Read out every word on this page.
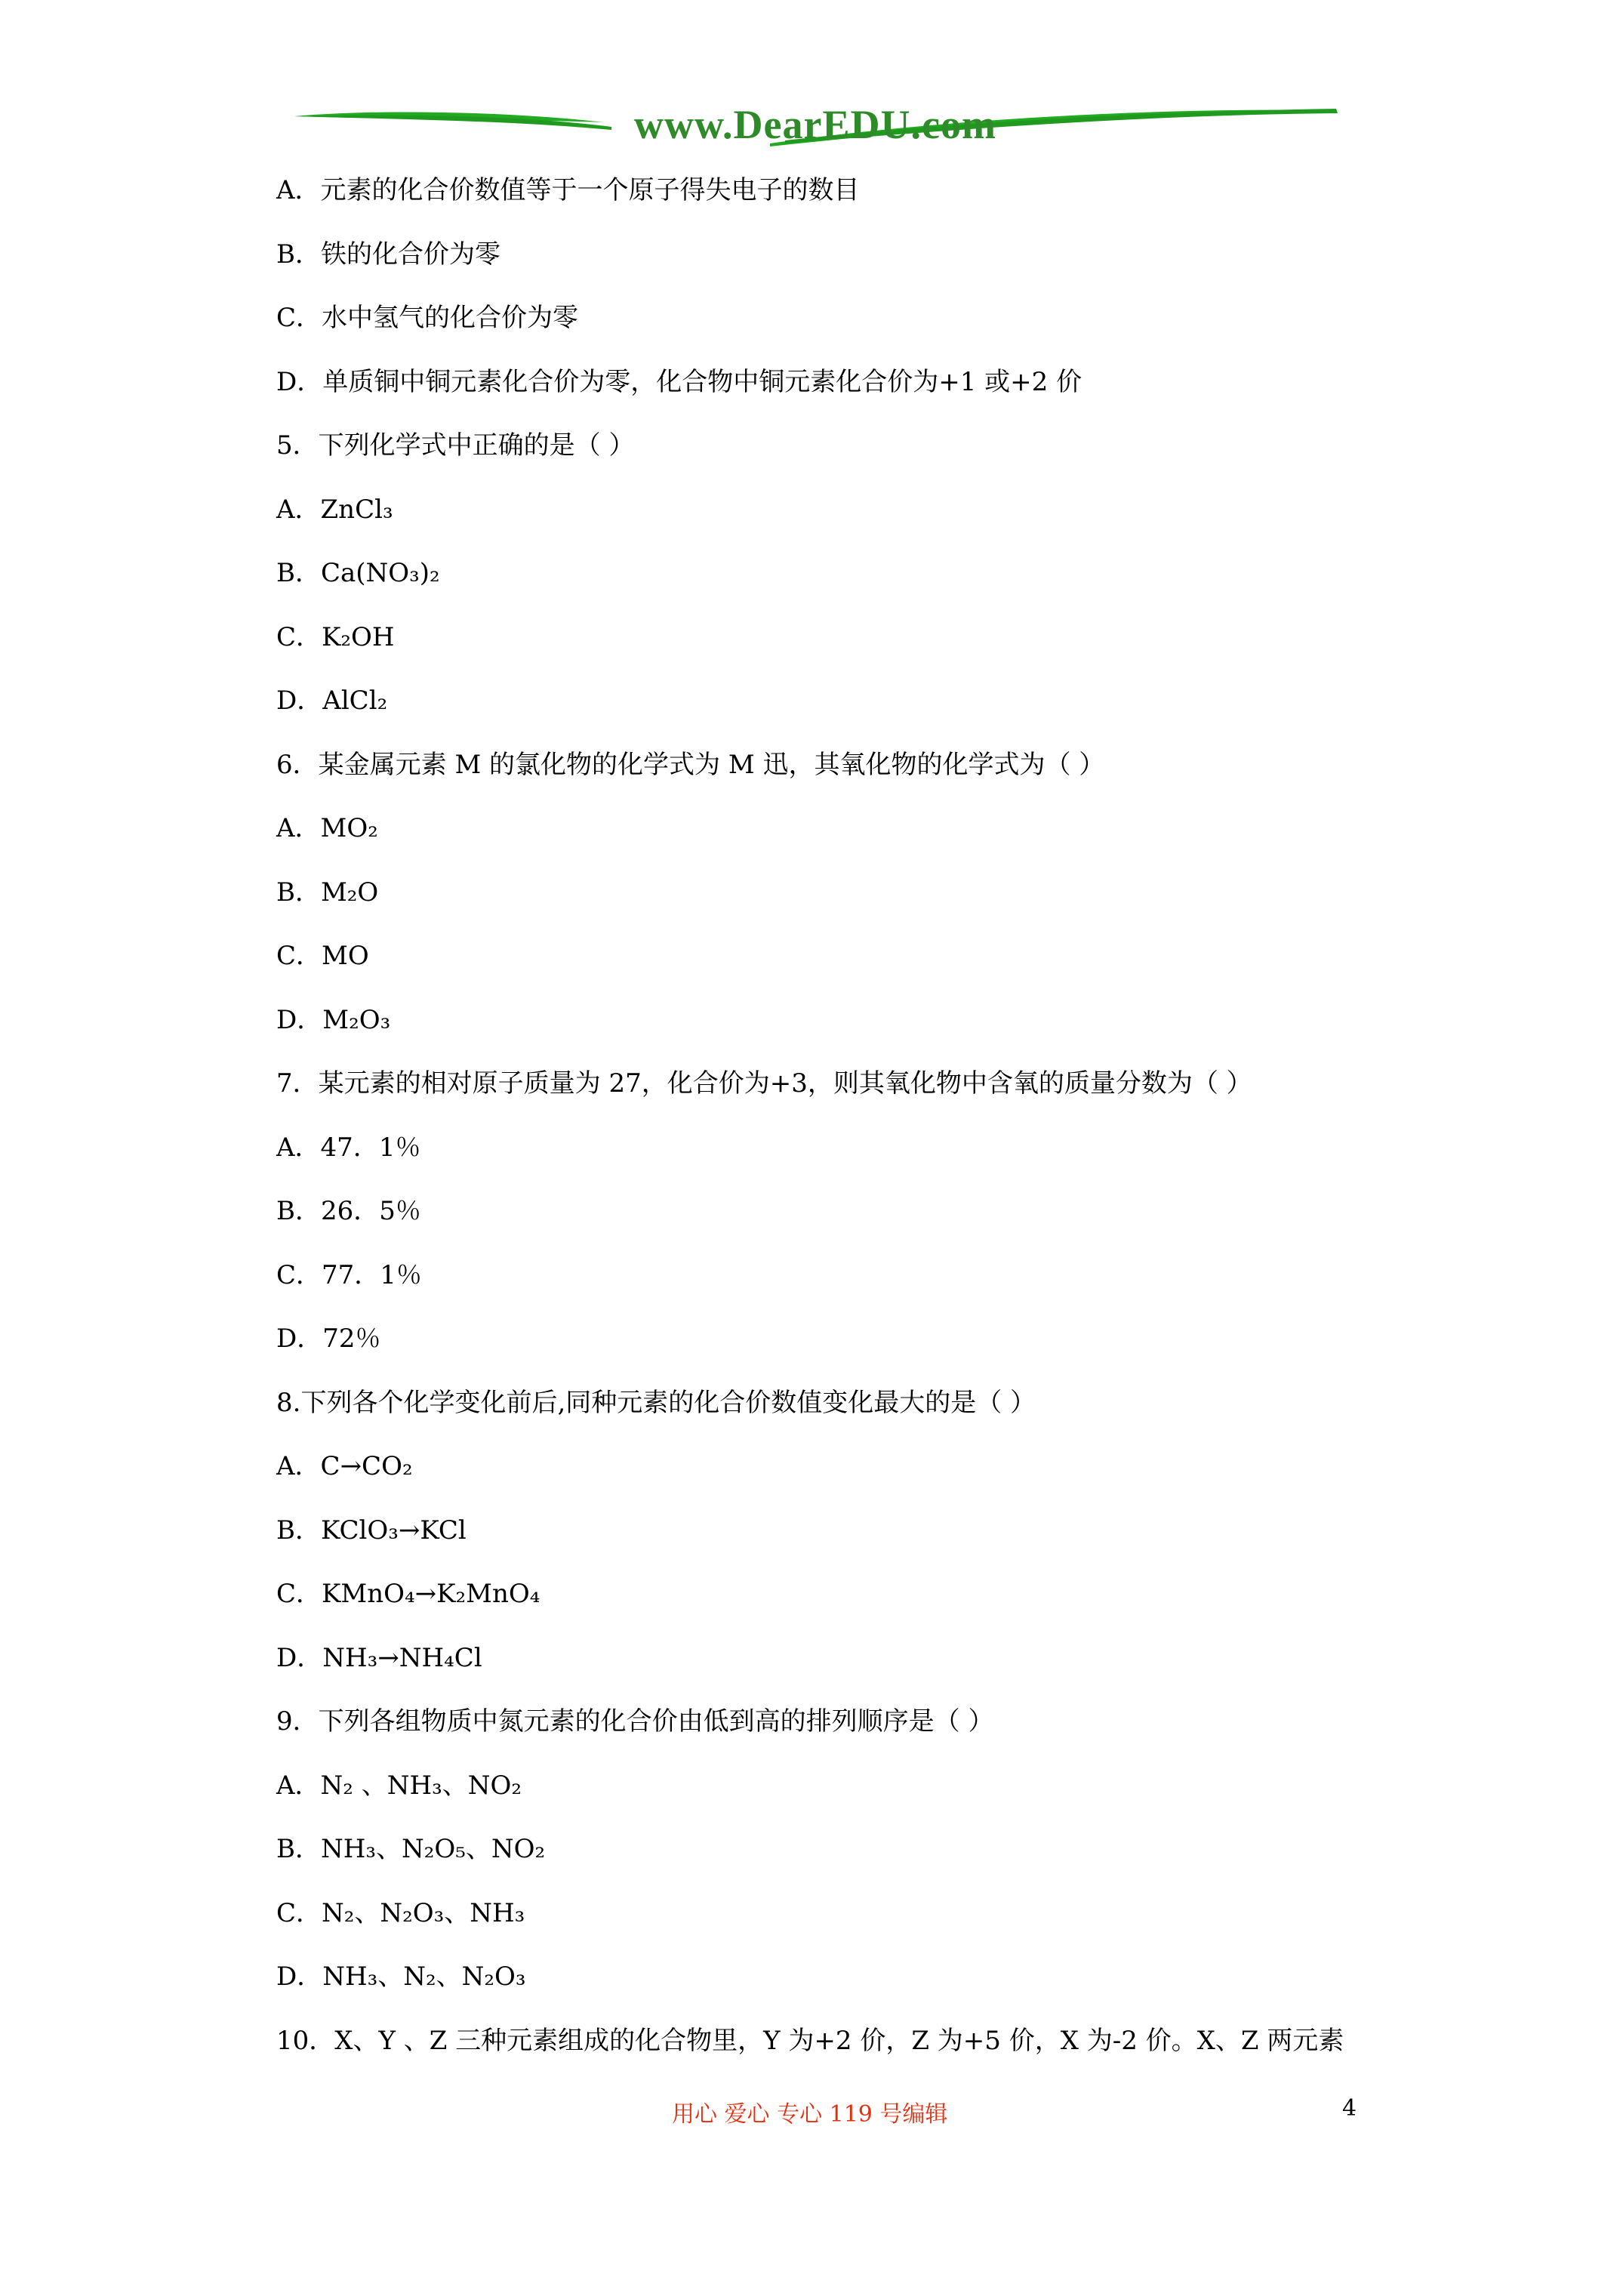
www.DearEDU.com
A．元素的化合价数值等于一个原子得失电子的数目
B．铁的化合价为零
C．水中氢气的化合价为零
D．单质铜中铜元素化合价为零，化合物中铜元素化合价为+1 或+2 价
5．下列化学式中正确的是（ ）
A．ZnCl₃
B．Ca(NO₃)₂
C．K₂OH
D．AlCl₂
6．某金属元素 M 的氯化物的化学式为 M 迅，其氧化物的化学式为（ ）
A．MO₂
B．M₂O
C．MO
D．M₂O₃
7．某元素的相对原子质量为 27，化合价为+3，则其氧化物中含氧的质量分数为（ ）
A．47．1％
B．26．5％
C．77．1％
D．72％
8.下列各个化学变化前后,同种元素的化合价数值变化最大的是（ ）
A．C→CO₂
B．KClO₃→KCl
C．KMnO₄→K₂MnO₄
D．NH₃→NH₄Cl
9．下列各组物质中氮元素的化合价由低到高的排列顺序是（ ）
A．N₂ 、NH₃、NO₂
B．NH₃、N₂O₅、NO₂
C．N₂、N₂O₃、NH₃
D．NH₃、N₂、N₂O₃
10．X、Y 、Z 三种元素组成的化合物里，Y 为+2 价，Z 为+5 价，X 为-2 价。X、Z 两元素
用心 爱心 专心 119 号编辑	4
